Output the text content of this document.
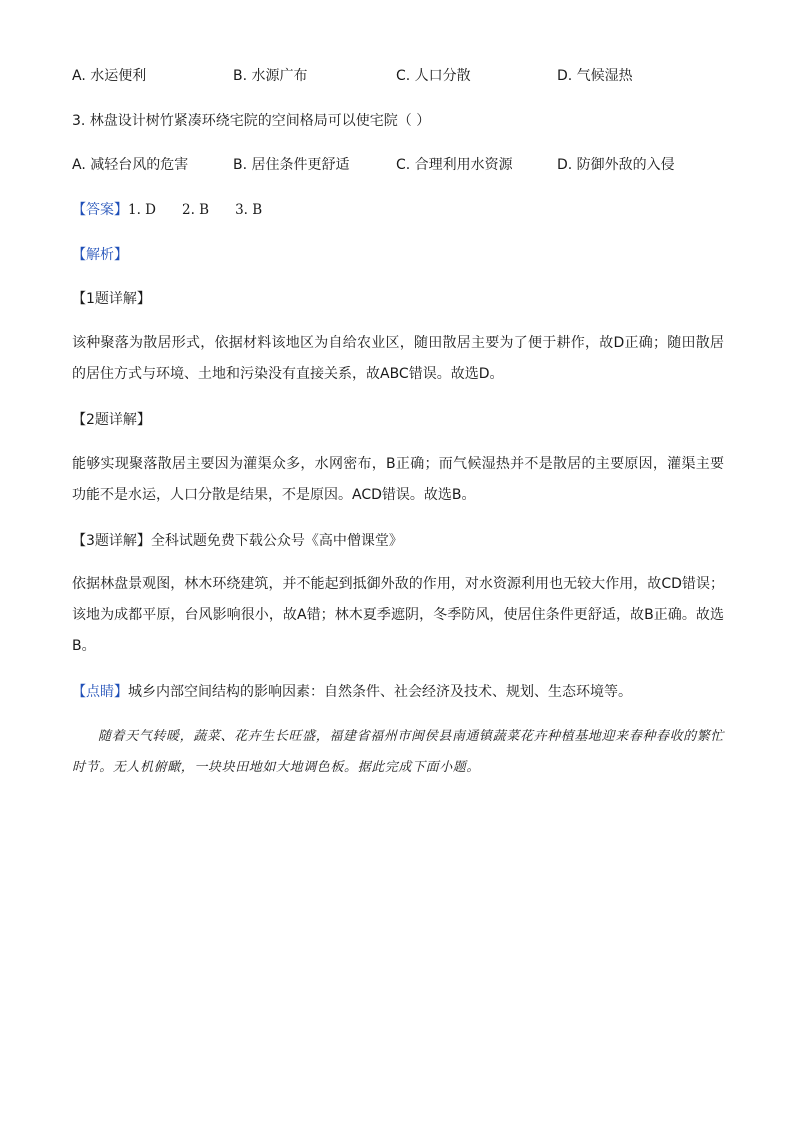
A. 水运便利	B. 水源广布	C. 人口分散	D. 气候湿热
3. 林盘设计树竹紧凑环绕宅院的空间格局可以使宅院（ ）
A. 减轻台风的危害	B. 居住条件更舒适	C. 合理利用水资源	D. 防御外敌的入侵
【答案】1. D 2. B 3. B
【解析】
【1题详解】
该种聚落为散居形式，依据材料该地区为自给农业区，随田散居主要为了便于耕作，故D正确；随田散居的居住方式与环境、土地和污染没有直接关系，故ABC错误。故选D。
【2题详解】
能够实现聚落散居主要因为灌渠众多，水网密布，B正确；而气候湿热并不是散居的主要原因，灌渠主要功能不是水运，人口分散是结果，不是原因。ACD错误。故选B。
【3题详解】全科试题免费下载公众号《高中僧课堂》
依据林盘景观图，林木环绕建筑，并不能起到抵御外敌的作用，对水资源利用也无较大作用，故CD错误；该地为成都平原，台风影响很小，故A错；林木夏季遮阴，冬季防风，使居住条件更舒适，故B正确。故选B。
【点睛】城乡内部空间结构的影响因素：自然条件、社会经济及技术、规划、生态环境等。
随着天气转暖，蔬菜、花卉生长旺盛，福建省福州市闽侯县南通镇蔬菜花卉种植基地迎来春种春收的繁忙时节。无人机俯瞰，一块块田地如大地调色板。据此完成下面小题。
